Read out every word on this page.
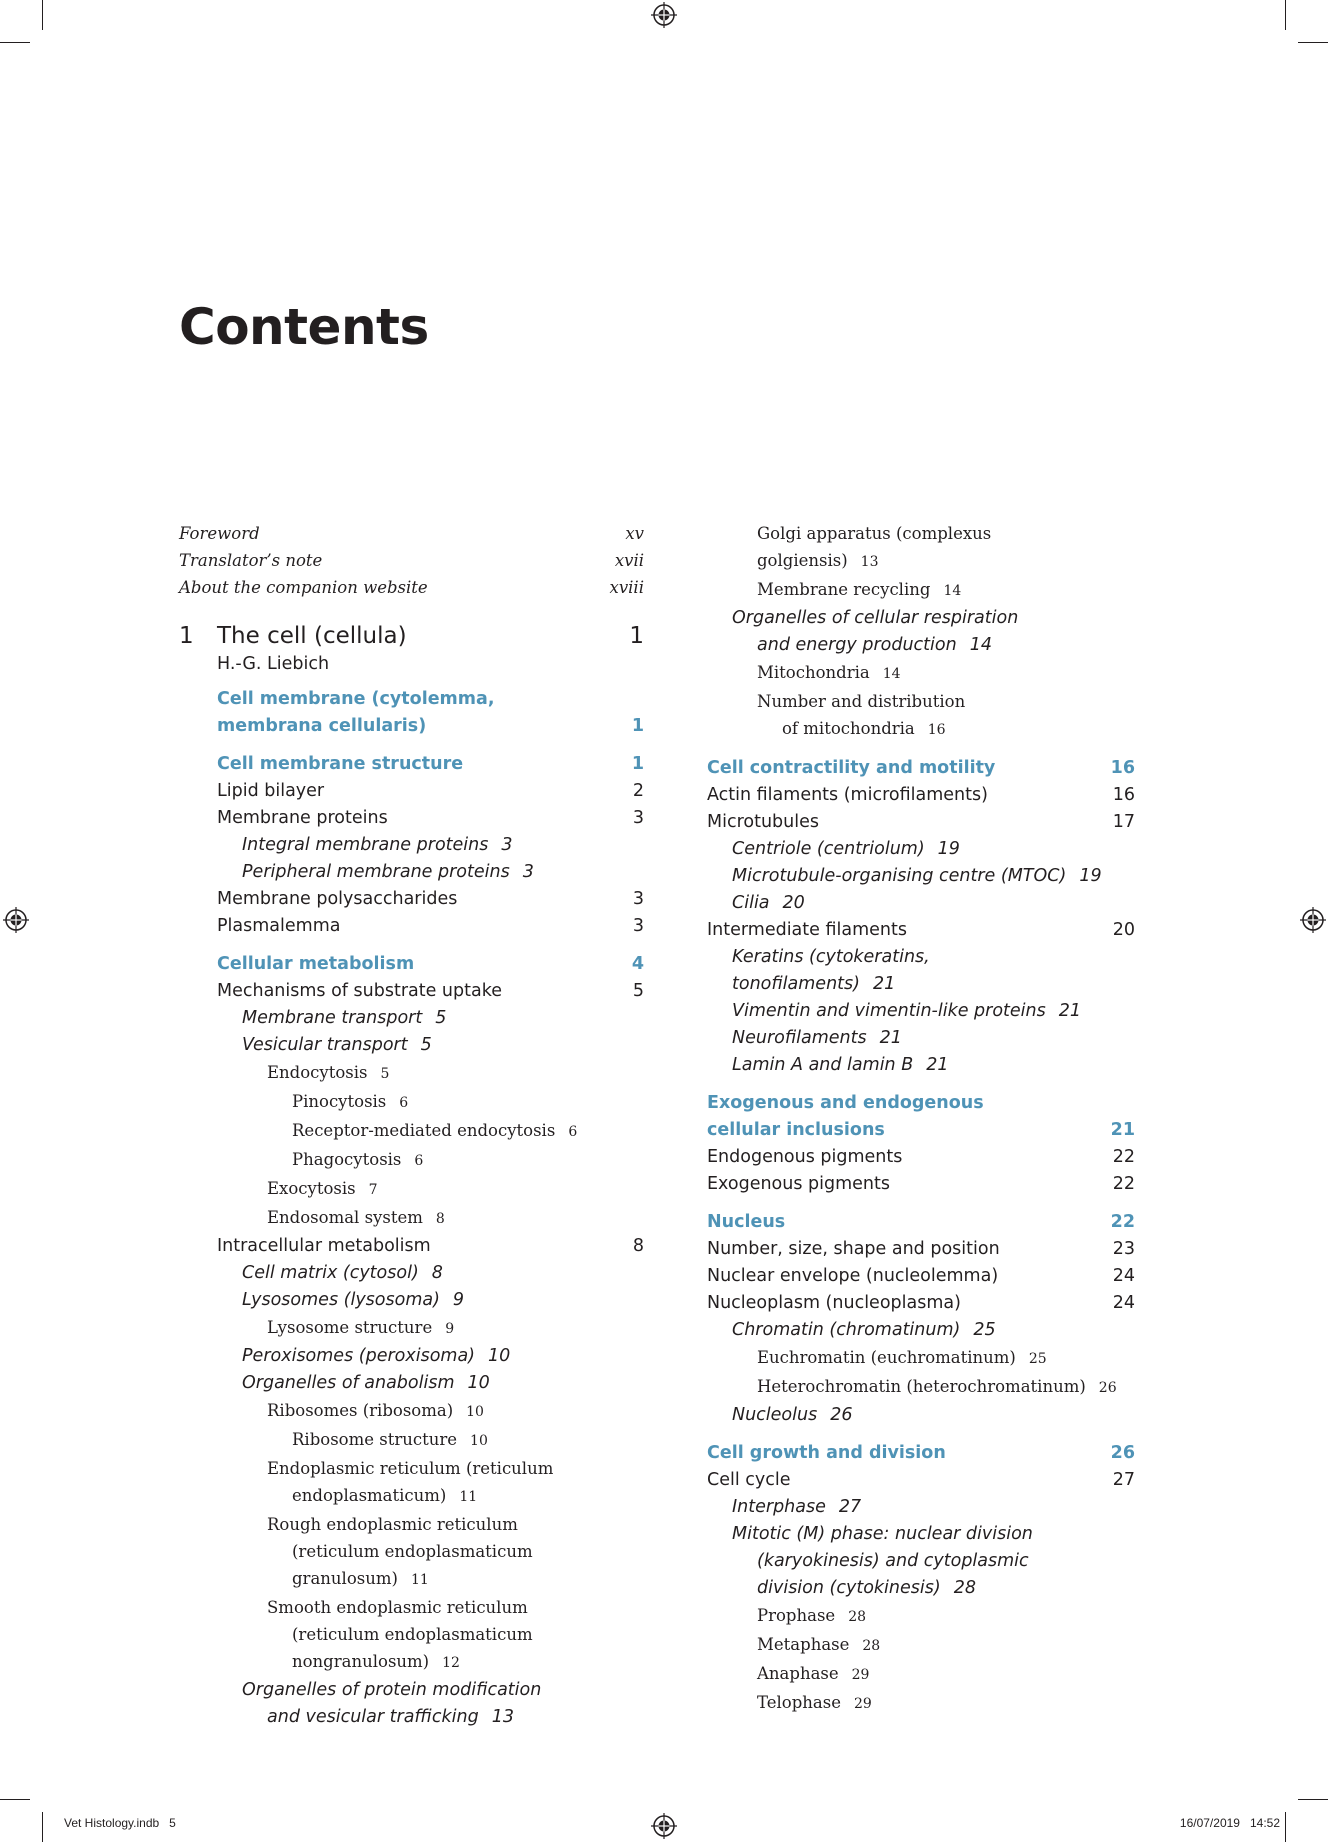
Contents
Foreword	xv
Translator’s note	xvii
About the companion website	xviii
1	The cell (cellula)	1
H.-G. Liebich
Cell membrane (cytolemma, membrana cellularis)	1
Cell membrane structure	1
Lipid bilayer	2
Membrane proteins	3
Integral membrane proteins 3
Peripheral membrane proteins 3
Membrane polysaccharides	3
Plasmalemma	3
Cellular metabolism	4
Mechanisms of substrate uptake	5
Membrane transport 5
Vesicular transport 5
Endocytosis 5
Pinocytosis 6
Receptor-mediated endocytosis 6
Phagocytosis 6
Exocytosis 7
Endosomal system 8
Intracellular metabolism	8
Cell matrix (cytosol) 8
Lysosomes (lysosoma) 9
Lysosome structure 9
Peroxisomes (peroxisoma) 10
Organelles of anabolism 10
Ribosomes (ribosoma) 10
Ribosome structure 10
Endoplasmic reticulum (reticulum endoplasmaticum) 11
Rough endoplasmic reticulum (reticulum endoplasmaticum granulosum) 11
Smooth endoplasmic reticulum (reticulum endoplasmaticum nongranulosum) 12
Organelles of protein modification and vesicular trafficking 13
Golgi apparatus (complexus golgiensis) 13
Membrane recycling 14
Organelles of cellular respiration and energy production 14
Mitochondria 14
Number and distribution of mitochondria 16
Cell contractility and motility	16
Actin filaments (microfilaments)	16
Microtubules	17
Centriole (centriolum) 19
Microtubule-organising centre (MTOC) 19
Cilia 20
Intermediate filaments	20
Keratins (cytokeratins, tonofilaments) 21
Vimentin and vimentin-like proteins 21
Neurofilaments 21
Lamin A and lamin B 21
Exogenous and endogenous cellular inclusions	21
Endogenous pigments	22
Exogenous pigments	22
Nucleus	22
Number, size, shape and position	23
Nuclear envelope (nucleolemma)	24
Nucleoplasm (nucleoplasma)	24
Chromatin (chromatinum) 25
Euchromatin (euchromatinum) 25
Heterochromatin (heterochromatinum) 26
Nucleolus 26
Cell growth and division	26
Cell cycle	27
Interphase 27
Mitotic (M) phase: nuclear division (karyokinesis) and cytoplasmic division (cytokinesis) 28
Prophase 28
Metaphase 28
Anaphase 29
Telophase 29
Vet Histology.indb   5	16/07/2019   14:52
